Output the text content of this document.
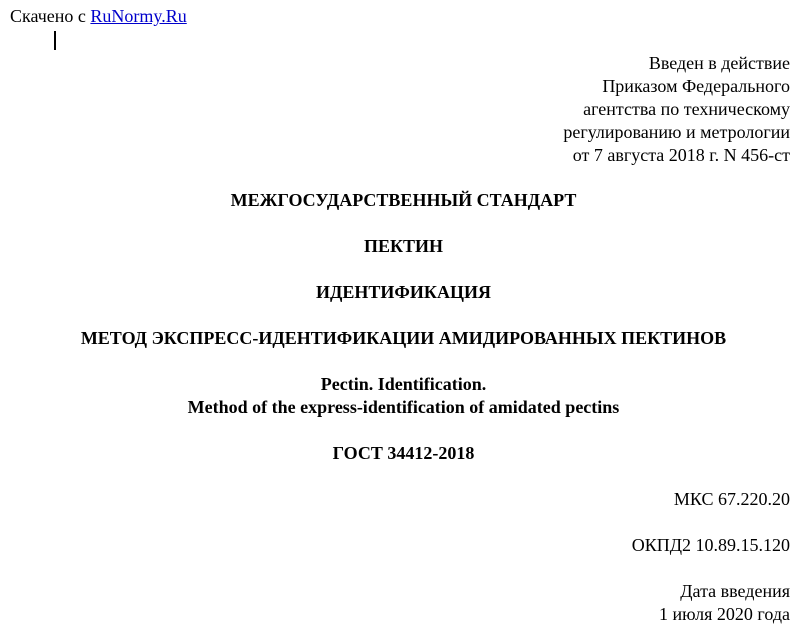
Скачено с RuNormy.Ru
Введен в действие
Приказом Федерального
агентства по техническому
регулированию и метрологии
от 7 августа 2018 г. N 456-ст
МЕЖГОСУДАРСТВЕННЫЙ СТАНДАРТ
ПЕКТИН
ИДЕНТИФИКАЦИЯ
МЕТОД ЭКСПРЕСС-ИДЕНТИФИКАЦИИ АМИДИРОВАННЫХ ПЕКТИНОВ
Pectin. Identification.
Method of the express-identification of amidated pectins
ГОСТ 34412-2018
МКС 67.220.20
ОКПД2 10.89.15.120
Дата введения
1 июля 2020 года
